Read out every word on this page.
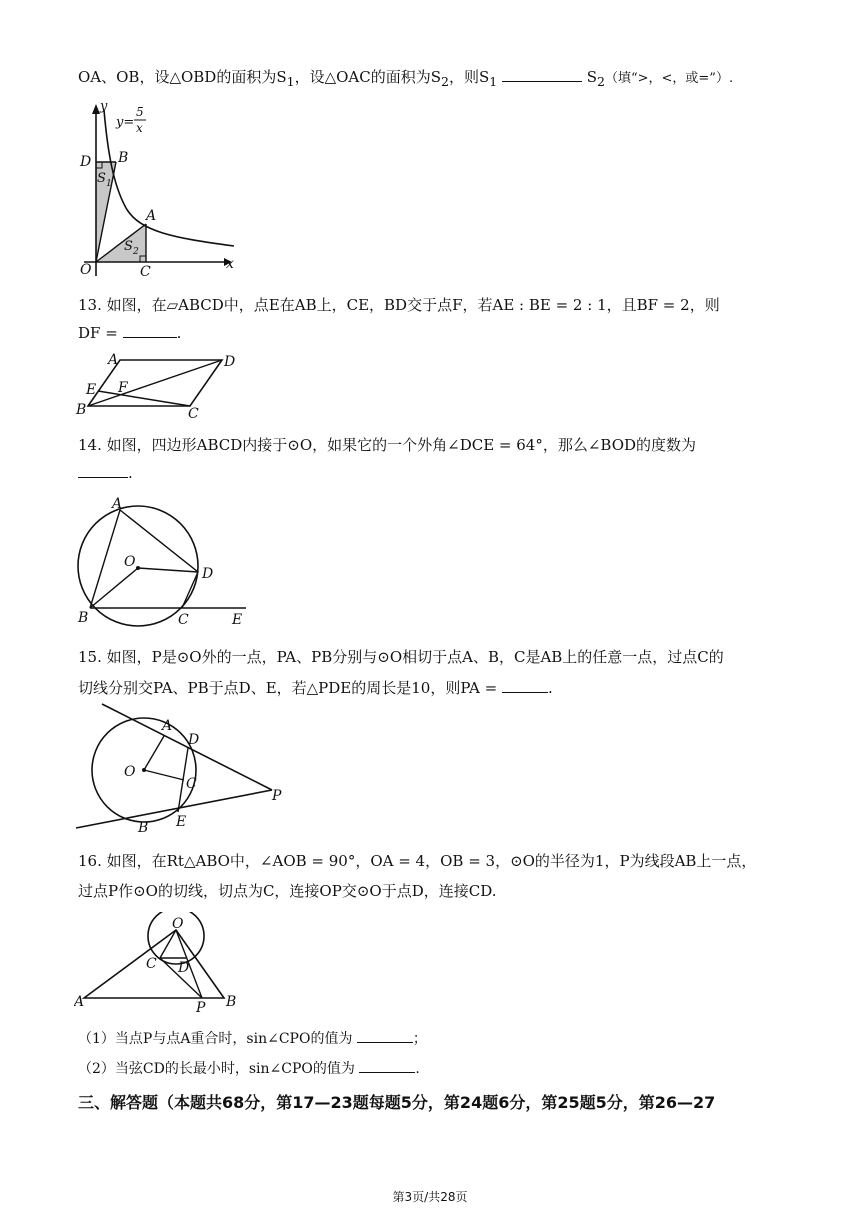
OA、OB，设△OBD的面积为$S_1$，设△OAC的面积为$S_2$，则$S_1$	$S_2$（填“>，<，或=”）.
y
y=
5
x
D B
S 1
A
S 2
O	C	x
13. 如图，在▱ABCD中，点E在AB上，CE，BD交于点F，若AE : BE = 2 : 1，且BF = 2，则
DF =	.
A	D
E F
B	C
14. 如图，四边形ABCD内接于⊙O，如果它的一个外角∠DCE = 64°，那么∠BOD的度数为
.
A
O
D
B	C	E
15. 如图，P是⊙O外的一点，PA、PB分别与⊙O相切于点A、B，C是AB上的任意一点，过点C的
切线分别交PA、PB于点D、E，若△PDE的周长是10，则PA =	.
A
D
O
C
P
B E
16. 如图，在Rt△ABO中，∠AOB = 90°，OA = 4，OB = 3，⊙O的半径为1，P为线段AB上一点，
过点P作⊙O的切线，切点为C，连接OP交⊙O于点D，连接CD.
O
C D
A	P B
（1）当点P与点A重合时，sin∠CPO的值为	；
（2）当弦CD的长最小时，sin∠CPO的值为	.
三、解答题（本题共68分，第17—23题每题5分，第24题6分，第25题5分，第26—27
第3页/共28页
